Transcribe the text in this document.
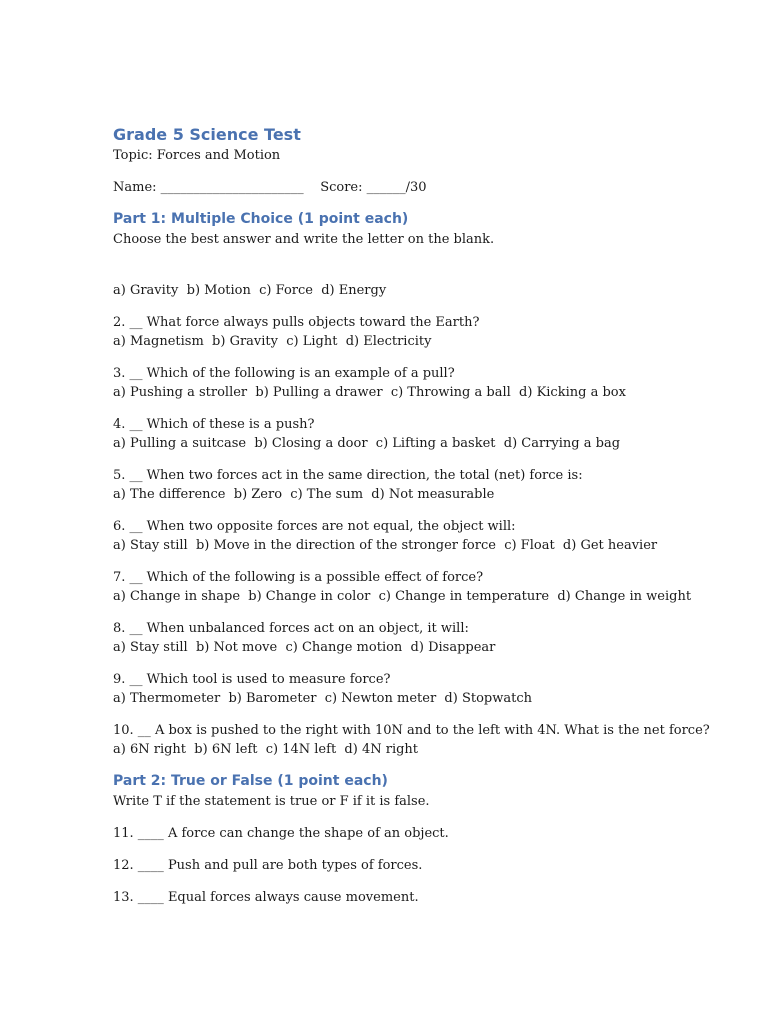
Grade 5 Science Test

Topic: Forces and Motion

Name: ______________________    Score: ______/30

Part 1: Multiple Choice (1 point each)

Choose the best answer and write the letter on the blank.

a) Gravity  b) Motion  c) Force  d) Energy

2. __ What force always pulls objects toward the Earth?

a) Magnetism  b) Gravity  c) Light  d) Electricity

3. __ Which of the following is an example of a pull?

a) Pushing a stroller  b) Pulling a drawer  c) Throwing a ball  d) Kicking a box

4. __ Which of these is a push?

a) Pulling a suitcase  b) Closing a door  c) Lifting a basket  d) Carrying a bag

5. __ When two forces act in the same direction, the total (net) force is:

a) The difference  b) Zero  c) The sum  d) Not measurable

6. __ When two opposite forces are not equal, the object will:

a) Stay still  b) Move in the direction of the stronger force  c) Float  d) Get heavier

7. __ Which of the following is a possible effect of force?

a) Change in shape  b) Change in color  c) Change in temperature  d) Change in weight

8. __ When unbalanced forces act on an object, it will:

a) Stay still  b) Not move  c) Change motion  d) Disappear

9. __ Which tool is used to measure force?

a) Thermometer  b) Barometer  c) Newton meter  d) Stopwatch

10. __ A box is pushed to the right with 10N and to the left with 4N. What is the net force?

a) 6N right  b) 6N left  c) 14N left  d) 4N right

Part 2: True or False (1 point each)

Write T if the statement is true or F if it is false.

11. ____ A force can change the shape of an object.

12. ____ Push and pull are both types of forces.

13. ____ Equal forces always cause movement.
